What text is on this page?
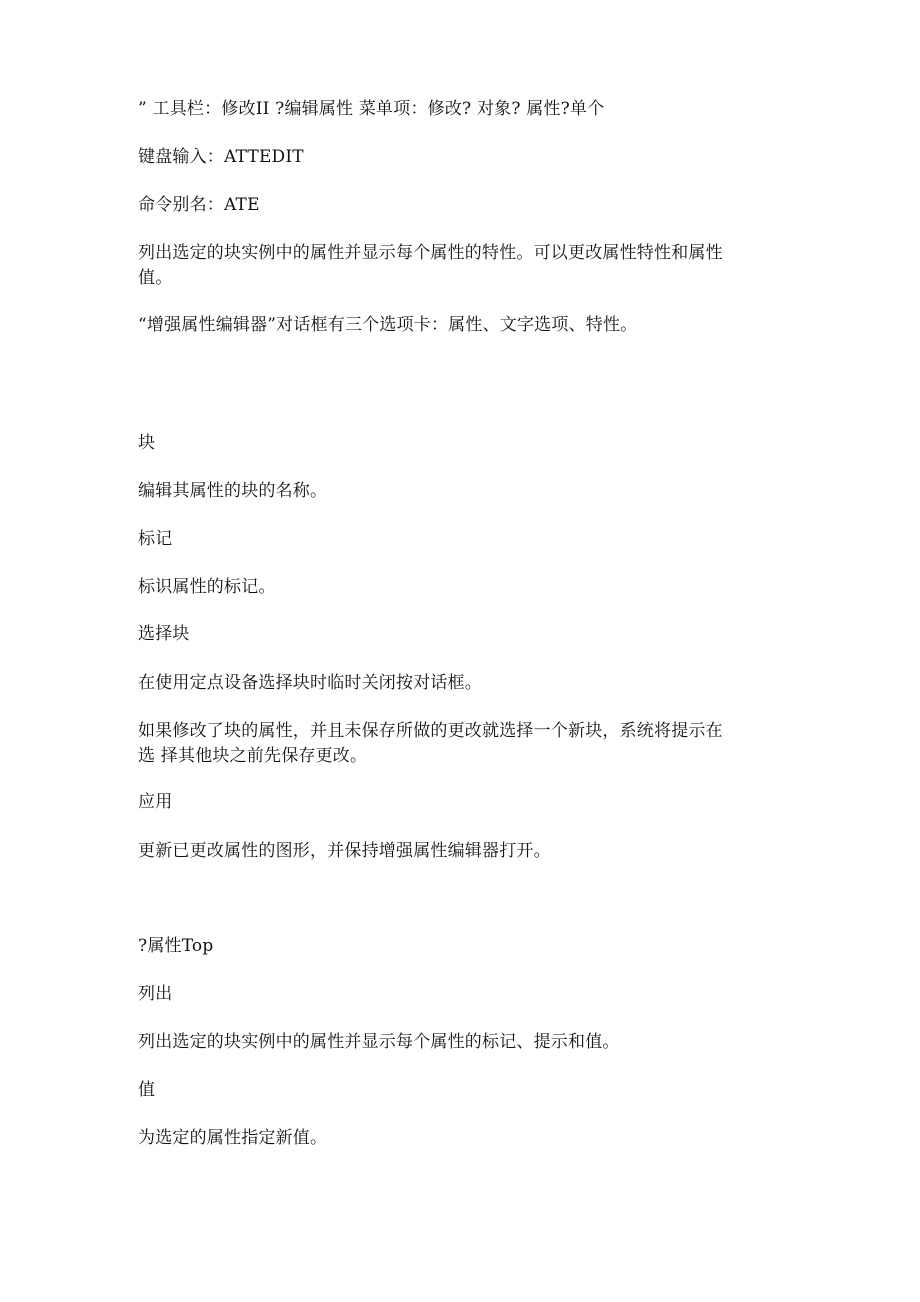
” 工具栏：修改II ?编辑属性 菜单项：修改? 对象? 属性?单个
键盘输入：ATTEDIT
命令别名：ATE
列出选定的块实例中的属性并显示每个属性的特性。可以更改属性特性和属性
值。
“增强属性编辑器”对话框有三个选项卡：属性、文字选项、特性。
块
编辑其属性的块的名称。
标记
标识属性的标记。
选择块
在使用定点设备选择块时临时关闭按对话框。
如果修改了块的属性，并且未保存所做的更改就选择一个新块，系统将提示在
选 择其他块之前先保存更改。
应用
更新已更改属性的图形，并保持增强属性编辑器打开。
?属性Top
列出
列出选定的块实例中的属性并显示每个属性的标记、提示和值。
值
为选定的属性指定新值。
